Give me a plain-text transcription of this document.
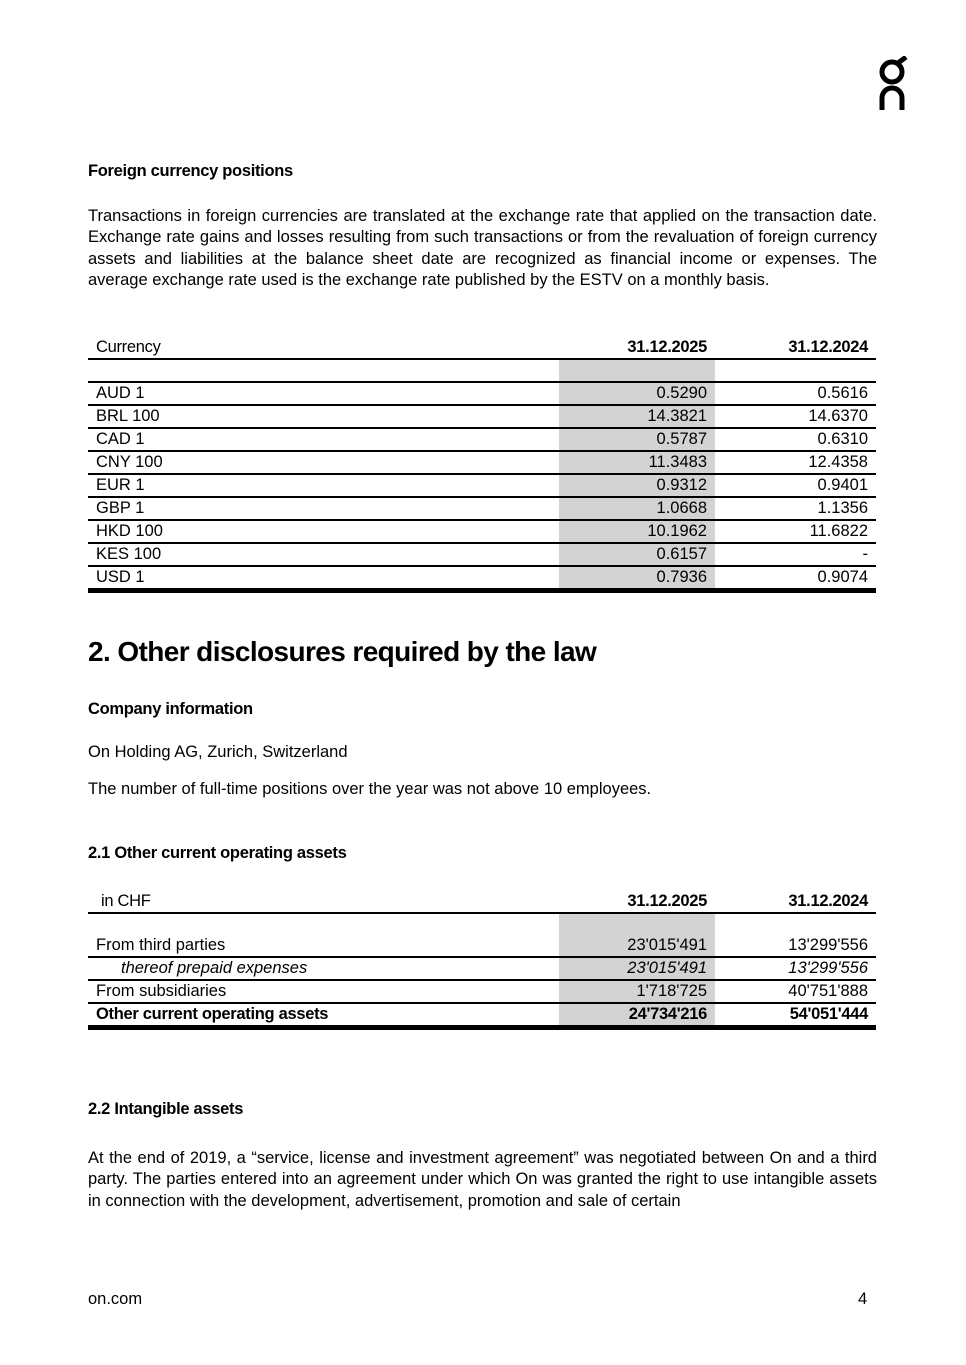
Foreign currency positions
Transactions in foreign currencies are translated at the exchange rate that applied on the transaction date. Exchange rate gains and losses resulting from such transactions or from the revaluation of foreign currency assets and liabilities at the balance sheet date are recognized as financial income or expenses. The average exchange rate used is the exchange rate published by the ESTV on a monthly basis.
Currency	31.12.2025	31.12.2024

AUD 1	0.5290	0.5616
BRL 100	14.3821	14.6370
CAD 1	0.5787	0.6310
CNY 100	11.3483	12.4358
EUR 1	0.9312	0.9401
GBP 1	1.0668	1.1356
HKD 100	10.1962	11.6822
KES 100	0.6157	-
USD 1	0.7936	0.9074
2. Other disclosures required by the law
Company information
On Holding AG, Zurich, Switzerland
The number of full-time positions over the year was not above 10 employees.
2.1 Other current operating assets
in CHF	31.12.2025	31.12.2024

From third parties	23'015'491	13'299'556
thereof prepaid expenses	23'015'491	13'299'556
From subsidiaries	1'718'725	40'751'888
Other current operating assets	24'734'216	54'051'444
2.2 Intangible assets
At the end of 2019, a “service, license and investment agreement” was negotiated between On and a third party. The parties entered into an agreement under which On was granted the right to use intangible assets in connection with the development, advertisement, promotion and sale of certain
on.com	4
